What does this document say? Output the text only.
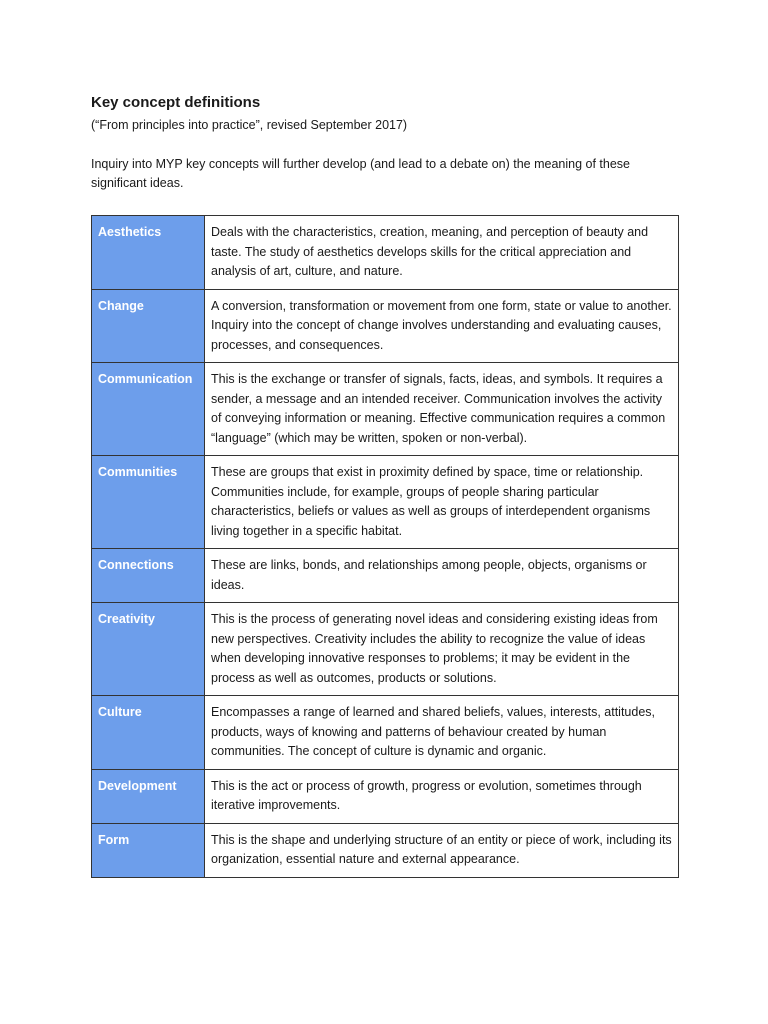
Key concept definitions

(“From principles into practice”, revised September 2017)

Inquiry into MYP key concepts will further develop (and lead to a debate on) the meaning of these significant ideas.

Aesthetics	Deals with the characteristics, creation, meaning, and perception of beauty and taste. The study of aesthetics develops skills for the critical appreciation and analysis of art, culture, and nature.
Change	A conversion, transformation or movement from one form, state or value to another. Inquiry into the concept of change involves understanding and evaluating causes, processes, and consequences.
Communication	This is the exchange or transfer of signals, facts, ideas, and symbols. It requires a sender, a message and an intended receiver. Communication involves the activity of conveying information or meaning. Effective communication requires a common “language” (which may be written, spoken or non-verbal).
Communities	These are groups that exist in proximity defined by space, time or relationship. Communities include, for example, groups of people sharing particular characteristics, beliefs or values as well as groups of interdependent organisms living together in a specific habitat.
Connections	These are links, bonds, and relationships among people, objects, organisms or ideas.
Creativity	This is the process of generating novel ideas and considering existing ideas from new perspectives. Creativity includes the ability to recognize the value of ideas when developing innovative responses to problems; it may be evident in the process as well as outcomes, products or solutions.
Culture	Encompasses a range of learned and shared beliefs, values, interests, attitudes, products, ways of knowing and patterns of behaviour created by human communities. The concept of culture is dynamic and organic.
Development	This is the act or process of growth, progress or evolution, sometimes through iterative improvements.
Form	This is the shape and underlying structure of an entity or piece of work, including its organization, essential nature and external appearance.
